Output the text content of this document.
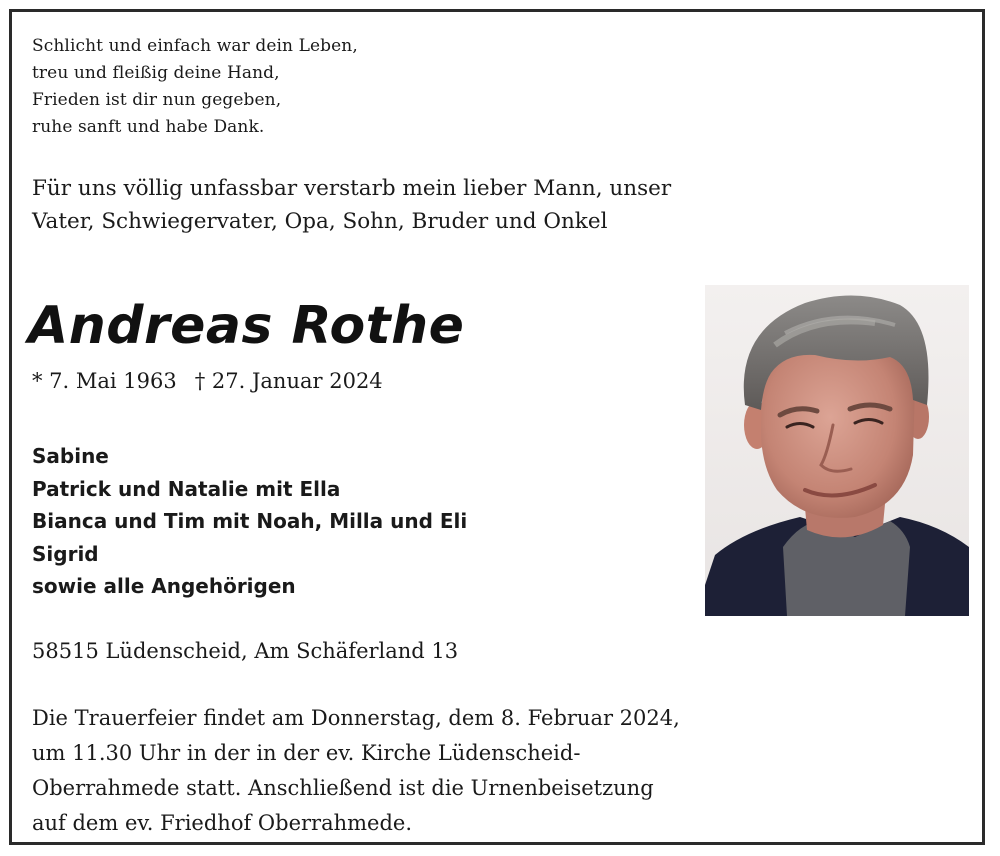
Schlicht und einfach war dein Leben,
treu und fleißig deine Hand,
Frieden ist dir nun gegeben,
ruhe sanft und habe Dank.
Für uns völlig unfassbar verstarb mein lieber Mann, unser
Vater, Schwiegervater, Opa, Sohn, Bruder und Onkel
Andreas Rothe
* 7. Mai 1963 † 27. Januar 2024
Sabine
Patrick und Natalie mit Ella
Bianca und Tim mit Noah, Milla und Eli
Sigrid
sowie alle Angehörigen
58515 Lüdenscheid, Am Schäferland 13
Die Trauerfeier findet am Donnerstag, dem 8. Februar 2024,
um 11.30 Uhr in der in der ev. Kirche Lüdenscheid-
Oberrahmede statt. Anschließend ist die Urnenbeisetzung
auf dem ev. Friedhof Oberrahmede.
